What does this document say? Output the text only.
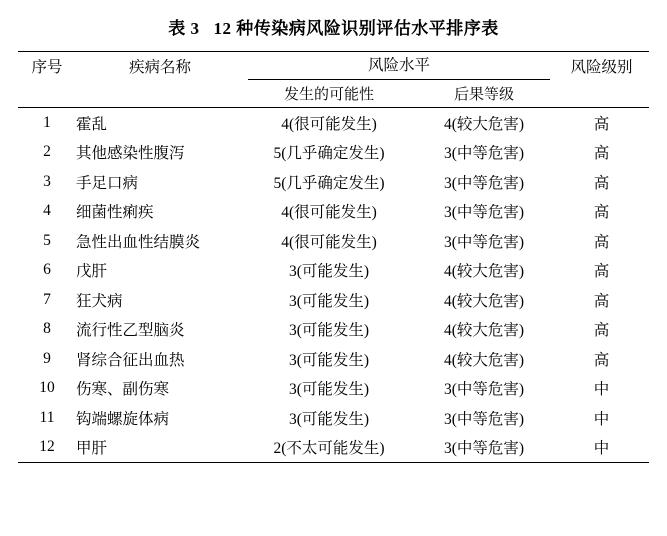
表 3 12 种传染病风险识别评估水平排序表

序号	疾病名称	风险水平		风险级别
		发生的可能性	后果等级	

1	霍乱	4(很可能发生)	4(较大危害)	高
2	其他感染性腹泻	5(几乎确定发生)	3(中等危害)	高
3	手足口病	5(几乎确定发生)	3(中等危害)	高
4	细菌性痢疾	4(很可能发生)	3(中等危害)	高
5	急性出血性结膜炎	4(很可能发生)	3(中等危害)	高
6	戊肝	3(可能发生)	4(较大危害)	高
7	狂犬病	3(可能发生)	4(较大危害)	高
8	流行性乙型脑炎	3(可能发生)	4(较大危害)	高
9	肾综合征出血热	3(可能发生)	4(较大危害)	高
10	伤寒、副伤寒	3(可能发生)	3(中等危害)	中
11	钩端螺旋体病	3(可能发生)	3(中等危害)	中
12	甲肝	2(不太可能发生)	3(中等危害)	中
